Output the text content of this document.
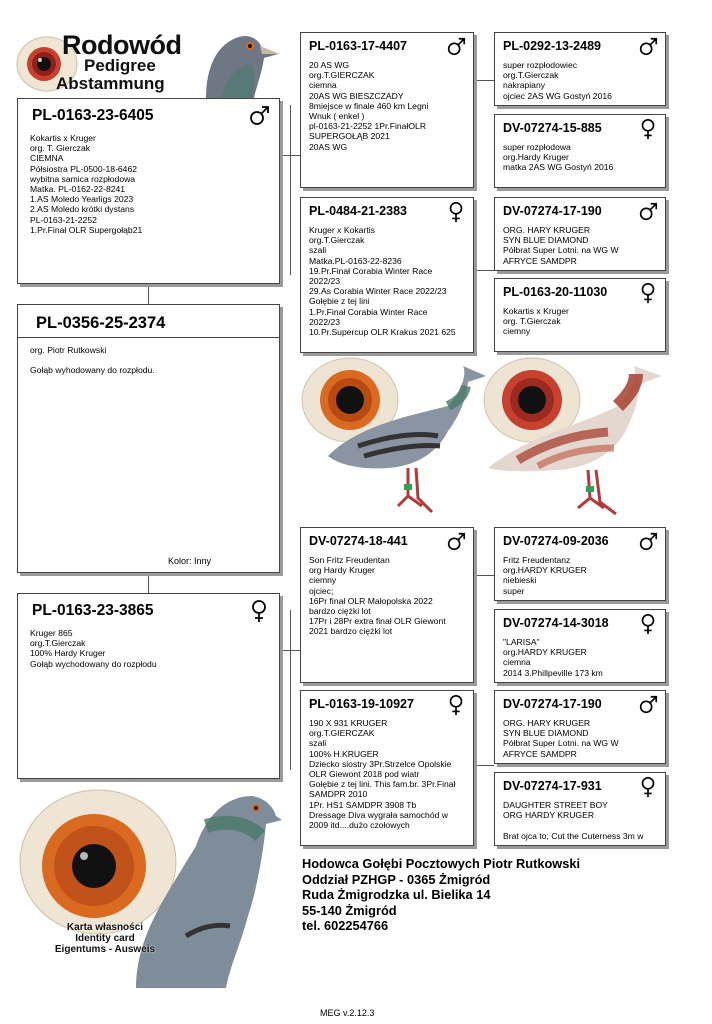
Rodowód
Pedigree
Abstammung
PL-0163-23-6405
Kokartis x Kruger
org. T. Gierczak
CIEMNA
Półsiostra PL-0500-18-6462
wybitna samica rozpłodowa
Matka. PL-0162-22-8241
1.AS Moledo Yearligs 2023
2.AS Moledo krótki dystans
PL-0163-21-2252
1.Pr.Finał OLR Supergołąb21
PL-0356-25-2374
org. Piotr Rutkowski

Gołąb wyhodowany do rozpłodu.
Kolor: Inny
PL-0163-23-3865
Kruger 865
org.T.Gierczak
100% Hardy Kruger
Gołąb wychodowany do rozpłodu
PL-0163-17-4407
20 AS WG
org.T.GIERCZAK
ciemna
20AS WG BIESZCZADY
8miejsce w finale 460 km Legni
Wnuk ( enkel )
pl-0163-21-2252 1Pr.FinałOLR
SUPERGOŁĄB 2021
20AS WG
PL-0484-21-2383
Kruger x Kokartis
org.T.Gierczak
szali
Matka.PL-0163-22-8236
19.Pr.Finał Corabia Winter Race
2022/23
29.As Corabia Winter Race 2022/23
Gołębie z tej lini
1.Pr.Finał Corabia Winter Race
2022/23
10.Pr.Supercup OLR Krakus 2021 625
DV-07274-18-441
Son Fritz Freudentan
org Hardy Kruger
ciemny
ojciec;
16Pr finał OLR Małopolska 2022
bardzo ciężki lot
17Pr i 28Pr extra finał OLR Giewont
2021 bardzo ciężki lot
PL-0163-19-10927
190 X 931 KRUGER
org.T.GIERCZAK
szali
100% H.KRUGER
Dziecko siostry 3Pr.Strzelce Opolskie
OLR Giewont 2018 pod wiatr
Gołębie z tej lini. This fam.br. 3Pr.Finał
SAMDPR 2010
1Pr. HS1 SAMDPR 3908 Tb
Dressage Diva wygrała samochód w
2009 itd....dużo czołowych
PL-0292-13-2489
super rozpłodowiec
org.T.Gierczak
nakrapiany
ojciec 2AS WG Gostyń 2016
DV-07274-15-885
super rozpłodowa
org.Hardy Kruger
matka 2AS WG Gostyń 2016
DV-07274-17-190
ORG. HARY KRUGER
SYN BLUE DIAMOND
Półbrat Super Lotni. na WG W
AFRYCE SAMDPR
PL-0163-20-11030
Kokartis x Kruger
org. T.Gierczak
ciemny
DV-07274-09-2036
Fritz Freudentanz
org.HARDY KRUGER
niebieski
super
DV-07274-14-3018
"LARISA"
org.HARDY KRUGER
ciemna
2014 3.Phillpeville 173 km
DV-07274-17-190
ORG. HARY KRUGER
SYN BLUE DIAMOND
Półbrat Super Lotni. na WG W
AFRYCE SAMDPR
DV-07274-17-931
DAUGHTER STREET BOY
ORG HARDY KRUGER

Brat ojca to; Cut the Cuterness 3m w
Karta własności
Identity card
Eigentums - Ausweis
Hodowca Gołębi Pocztowych Piotr Rutkowski
Oddział PZHGP - 0365 Żmigród
Ruda Żmigrodzka ul. Bielika 14
55-140 Żmigród
tel. 602254766
MEG v.2.12.3
